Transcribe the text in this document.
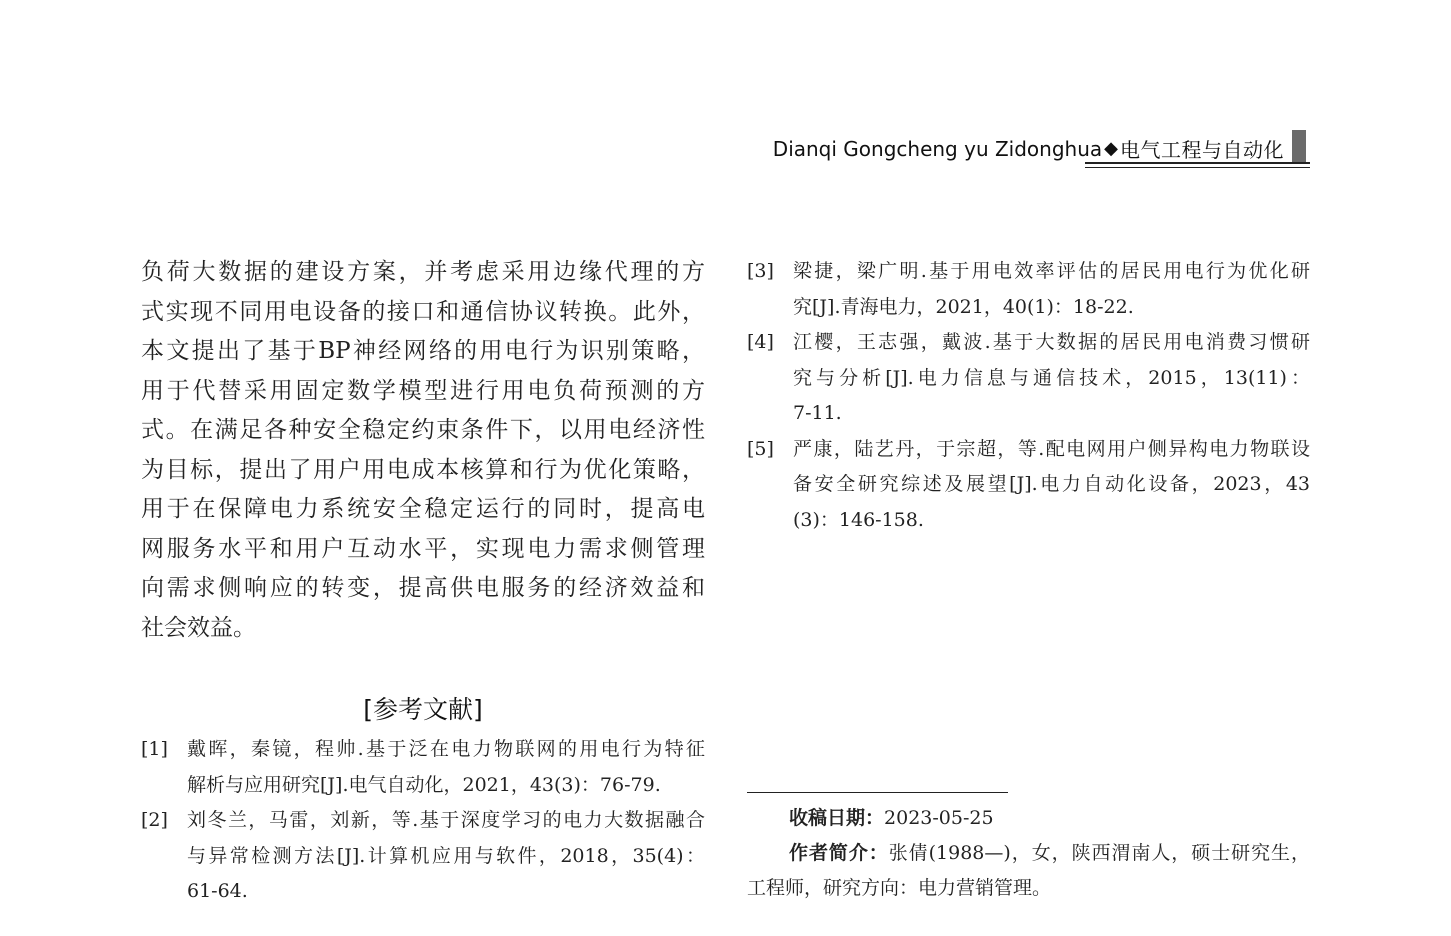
Dianqi Gongcheng yu Zidonghua ◆ 电气工程与自动化
负荷大数据的建设方案，并考虑采用边缘代理的方
式实现不同用电设备的接口和通信协议转换。此外，
本文提出了基于BP神经网络的用电行为识别策略，
用于代替采用固定数学模型进行用电负荷预测的方
式。在满足各种安全稳定约束条件下，以用电经济性
为目标，提出了用户用电成本核算和行为优化策略，
用于在保障电力系统安全稳定运行的同时，提高电
网服务水平和用户互动水平，实现电力需求侧管理
向需求侧响应的转变，提高供电服务的经济效益和
社会效益。
[参考文献]
[1] 戴晖，秦镜，程帅.基于泛在电力物联网的用电行为特征
解析与应用研究[J].电气自动化，2021，43(3)：76-79.
[2] 刘冬兰，马雷，刘新，等.基于深度学习的电力大数据融合
与异常检测方法[J].计算机应用与软件，2018，35(4)：
61-64.
[3] 梁捷，梁广明.基于用电效率评估的居民用电行为优化研
究[J].青海电力，2021，40(1)：18-22.
[4] 江樱，王志强，戴波.基于大数据的居民用电消费习惯研
究与分析[J].电力信息与通信技术，2015，13(11)：
7-11.
[5] 严康，陆艺丹，于宗超，等.配电网用户侧异构电力物联设
备安全研究综述及展望[J].电力自动化设备，2023，43
(3)：146-158.
收稿日期：2023-05-25
作者简介：张倩(1988—)，女，陕西渭南人，硕士研究生，
工程师，研究方向：电力营销管理。
